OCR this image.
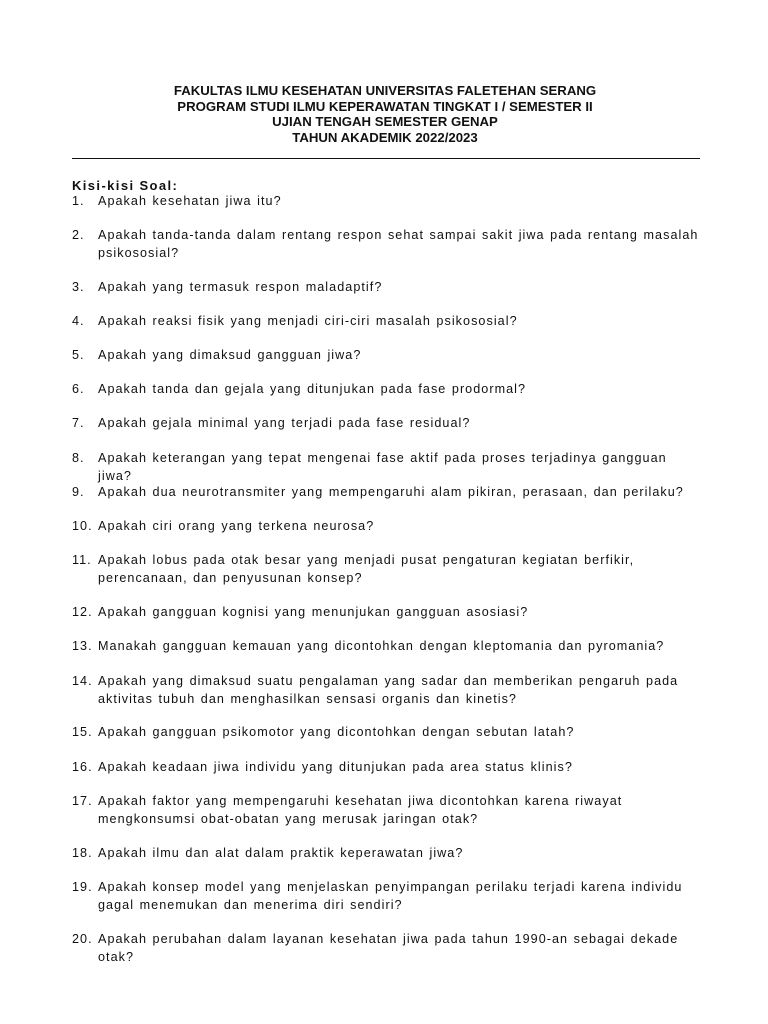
FAKULTAS ILMU KESEHATAN UNIVERSITAS FALETEHAN SERANG
PROGRAM STUDI ILMU KEPERAWATAN TINGKAT I / SEMESTER II
UJIAN TENGAH SEMESTER GENAP
TAHUN AKADEMIK 2022/2023
Kisi-kisi Soal:
1.	Apakah kesehatan jiwa itu?
2.	Apakah tanda-tanda dalam rentang respon sehat sampai sakit jiwa pada rentang masalah psikososial?
3.	Apakah yang termasuk respon maladaptif?
4.	Apakah reaksi fisik yang menjadi ciri-ciri masalah psikososial?
5.	Apakah yang dimaksud gangguan jiwa?
6.	Apakah tanda dan gejala yang ditunjukan pada fase prodormal?
7.	Apakah gejala minimal yang terjadi pada fase residual?
8.	Apakah keterangan yang tepat mengenai fase aktif pada proses terjadinya gangguan jiwa?
9.	Apakah dua neurotransmiter yang mempengaruhi alam pikiran, perasaan, dan perilaku?
10. Apakah ciri orang yang terkena neurosa?
11. Apakah lobus pada otak besar yang menjadi pusat pengaturan kegiatan berfikir, perencanaan, dan penyusunan konsep?
12. Apakah gangguan kognisi yang menunjukan gangguan asosiasi?
13. Manakah gangguan kemauan yang dicontohkan dengan kleptomania dan pyromania?
14. Apakah yang dimaksud suatu pengalaman yang sadar dan memberikan pengaruh pada aktivitas tubuh dan menghasilkan sensasi organis dan kinetis?
15. Apakah gangguan psikomotor yang dicontohkan dengan sebutan latah?
16. Apakah keadaan jiwa individu yang ditunjukan pada area status klinis?
17. Apakah faktor yang mempengaruhi kesehatan jiwa dicontohkan karena riwayat mengkonsumsi obat-obatan yang merusak jaringan otak?
18. Apakah ilmu dan alat dalam praktik keperawatan jiwa?
19. Apakah konsep model yang menjelaskan penyimpangan perilaku terjadi karena individu gagal menemukan dan menerima diri sendiri?
20. Apakah perubahan dalam layanan kesehatan jiwa pada tahun 1990-an sebagai dekade otak?
